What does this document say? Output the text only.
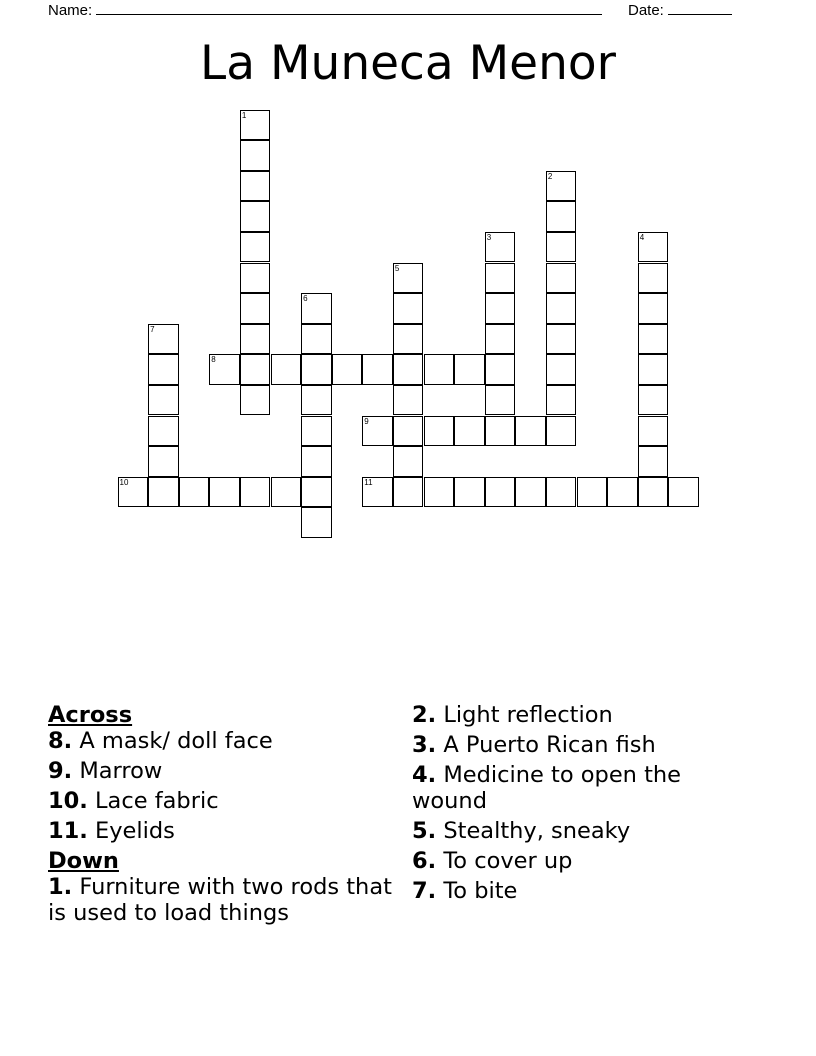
Name:	Date:
La Muneca Menor
1
2
3	4
5
6
7
8
9
10	11
Across
8. A mask/ doll face
9. Marrow
10. Lace fabric
11. Eyelids
Down
1. Furniture with two rods that is used to load things
2. Light reflection
3. A Puerto Rican fish
4. Medicine to open the wound
5. Stealthy, sneaky
6. To cover up
7. To bite
